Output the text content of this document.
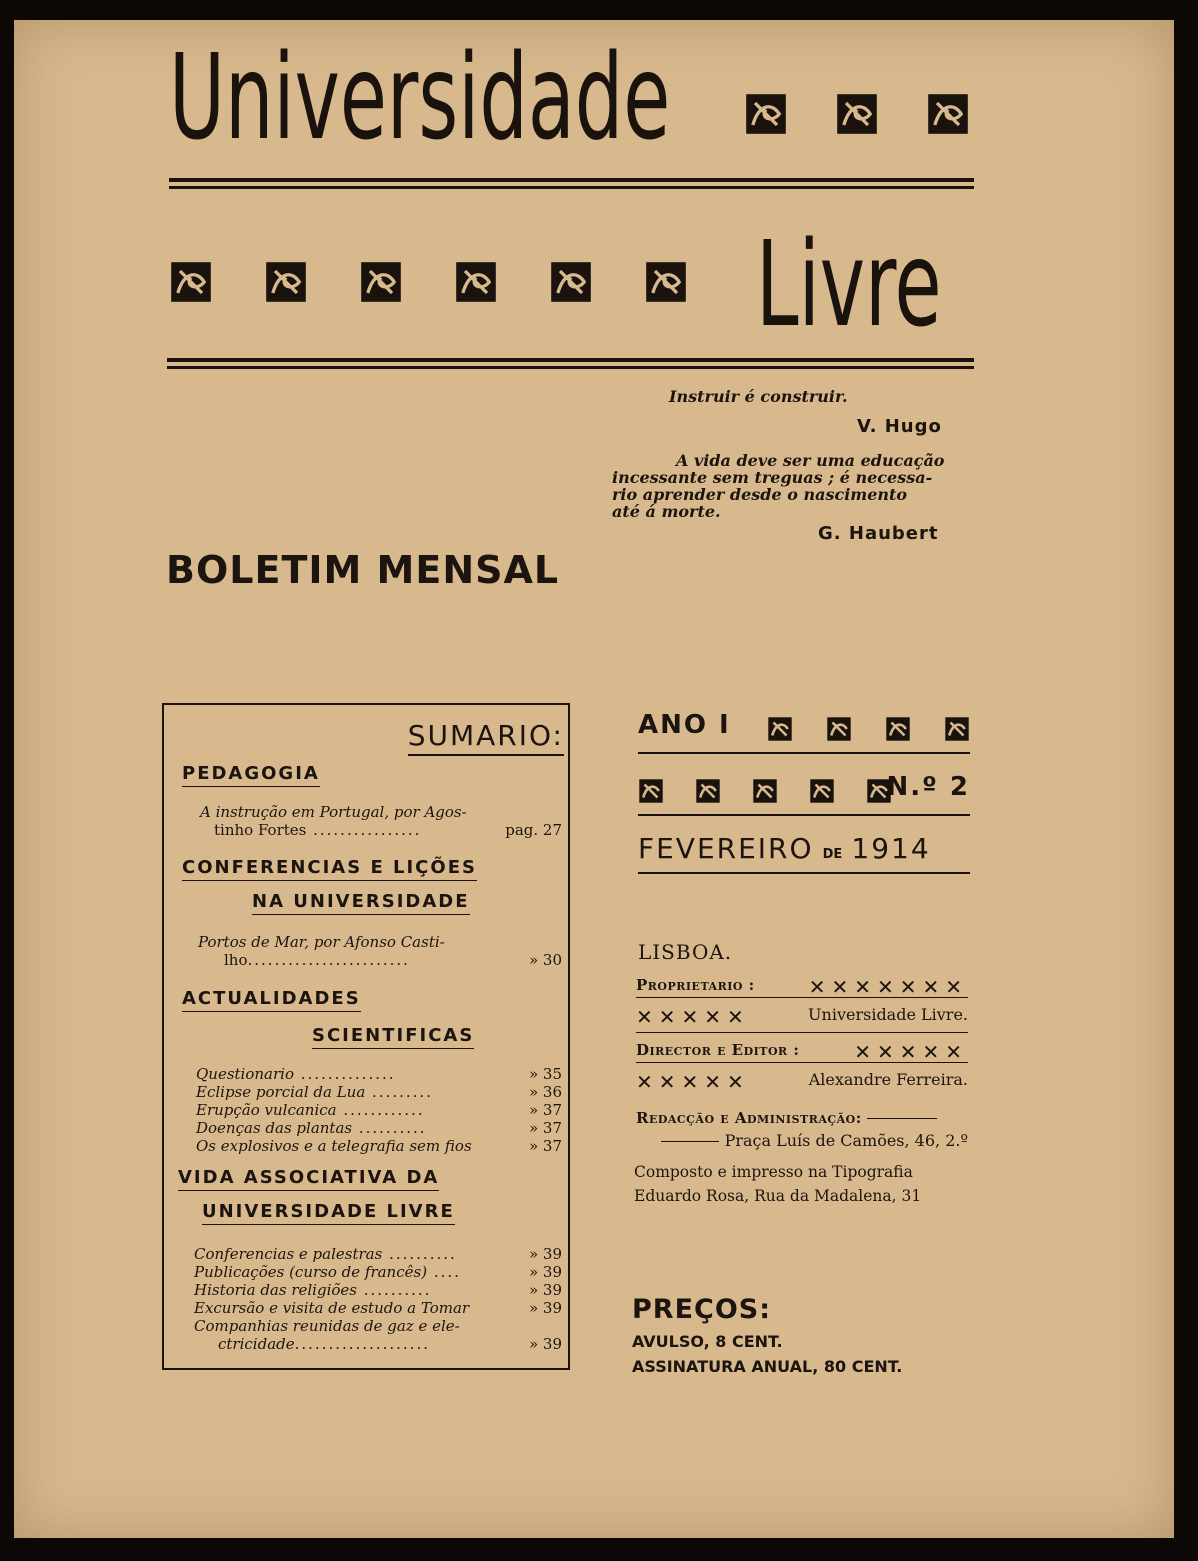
Universidade

Livre
Instruir é construir.
V. Hugo
A vida deve ser uma educação
incessante sem treguas ; é necessa-
rio aprender desde o nascimento
até á morte.
G. Haubert
BOLETIM MENSAL
SUMARIO:
PEDAGOGIA
A instrução em Portugal, por Agos-
tinho Fortes ................	pag. 27
CONFERENCIAS E LIÇÕES
NA UNIVERSIDADE
Portos de Mar, por Afonso Casti-
lho........................	» 30
ACTUALIDADES
SCIENTIFICAS
Questionario ..............	» 35
Eclipse porcial da Lua .........	» 36
Erupção vulcanica ............	» 37
Doenças das plantas ..........	» 37
Os explosivos e a telegrafia sem fios	» 37
VIDA ASSOCIATIVA DA
UNIVERSIDADE LIVRE
Conferencias e palestras ..........	» 39
Publicações (curso de francês) ....	» 39
Historia das religiões ..........	» 39
Excursão e visita de estudo a Tomar	» 39
Companhias reunidas de gaz e ele-
ctricidade....................	» 39
ANO I

N.º 2
FEVEREIRO DE 1914
LISBOA.
Proprietario :	✕✕✕✕✕✕✕
✕✕✕✕✕	Universidade Livre.
Director e Editor :	✕✕✕✕✕
✕✕✕✕✕	Alexandre Ferreira.
Redacção e Administração:
Praça Luís de Camões, 46, 2.º
Composto e impresso na Tipografia
Eduardo Rosa, Rua da Madalena, 31
PREÇOS:
AVULSO, 8 CENT.
ASSINATURA ANUAL, 80 CENT.
